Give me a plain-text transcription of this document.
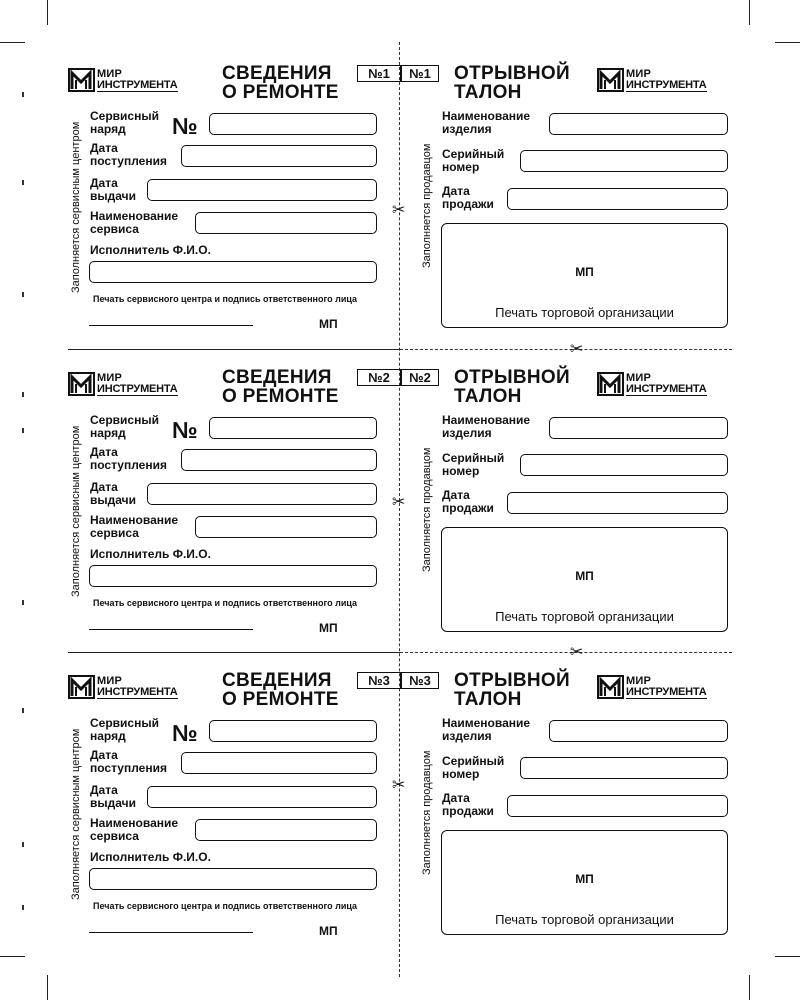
✂
✂
МИР
ИНСТРУМЕНТА
СВЕДЕНИЯ
О РЕМОНТЕ
№1	№1	ОТРЫВНОЙ
ТАЛОН
МИР
ИНСТРУМЕНТА
Заполняется сервисным центром	Заполняется продавцом
✂
Сервисный
наряд	№
Дата
поступления
Дата
выдачи
Наименование
сервиса
Исполнитель Ф.И.О.
Печать сервисного центра и подпись ответственного лица
МП
Наименование
изделия
Серийный
номер
Дата
продажи
МП
Печать торговой организации
МИР
ИНСТРУМЕНТА
СВЕДЕНИЯ
О РЕМОНТЕ
№2	№2	ОТРЫВНОЙ
ТАЛОН
МИР
ИНСТРУМЕНТА
Заполняется сервисным центром	Заполняется продавцом
✂
Сервисный
наряд	№
Дата
поступления
Дата
выдачи
Наименование
сервиса
Исполнитель Ф.И.О.
Печать сервисного центра и подпись ответственного лица
МП
Наименование
изделия
Серийный
номер
Дата
продажи
МП
Печать торговой организации
МИР
ИНСТРУМЕНТА
СВЕДЕНИЯ
О РЕМОНТЕ
№3	№3	ОТРЫВНОЙ
ТАЛОН
МИР
ИНСТРУМЕНТА
Заполняется сервисным центром	Заполняется продавцом
✂
Сервисный
наряд	№
Дата
поступления
Дата
выдачи
Наименование
сервиса
Исполнитель Ф.И.О.
Печать сервисного центра и подпись ответственного лица
МП
Наименование
изделия
Серийный
номер
Дата
продажи
МП
Печать торговой организации
